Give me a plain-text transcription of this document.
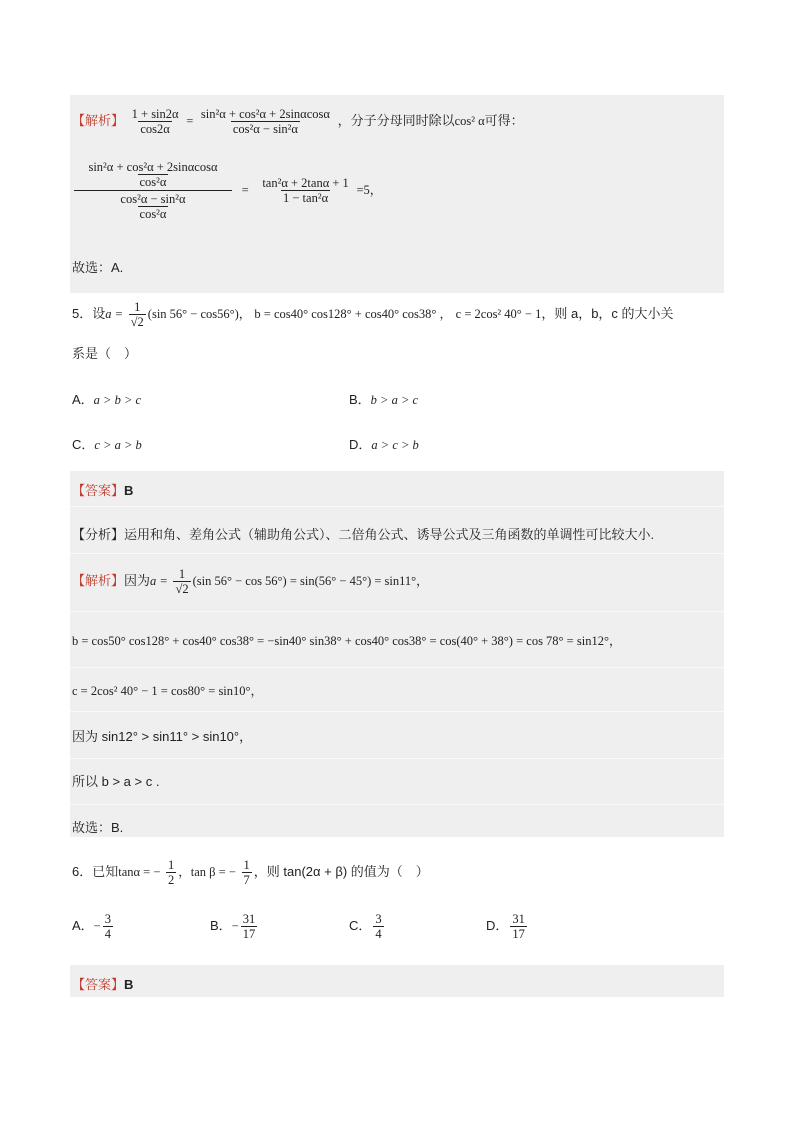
【解析】 $\frac{1 + \sin 2\alpha}{\cos 2\alpha} = \frac{\text{sin²α + cos²α + 2sinαcosα}}{\text{cos²α − sin²α}}$ ，分子分母同时除以cos² α可得：
$\frac{\frac{\text{sin²α + cos²α + 2sinαcosα}}{\text{cos²α}}}{\frac{\text{cos²α − sin²α}}{\text{cos²α}}} = \frac{\text{tan²α + 2tanα + 1}}{\text{1 − tan²α}} =5$，
故选：A.
5．设$a = \frac{1}{√2} (\sin$ 56° − cos56°)， b = cos40° cos128° + cos40° cos38° ， c = 2cos² 40° − 1，则 a，b，c 的大小关
系是（　）
A．a > b > c	B．b > a > c
C．c > a > b	D．a > c > b
【答案】B
【分析】运用和角、差角公式（辅助角公式）、二倍角公式、诱导公式及三角函数的单调性可比较大小.
【解析】因为$a = \frac{1}{√2} (\sin$ 56° − cos 56°) = sin(56° − 45°) = sin11°，
b = cos50° cos128° + cos40° cos38° = −sin40° sin38° + cos40° cos38° = cos(40° + 38°) = cos 78° = sin12°，
c = 2cos² 40° − 1 = cos80° = sin10°，
因为 sin12° > sin11° > sin10°，
所以 b > a > c .
故选：B.
6．已知tanα = − $\frac{1}{2}$ ，tan β = − $\frac{1}{7}$ ，则 tan(2α + β) 的值为（　）
A．− $\frac{3}{4}$	B．− $\frac{31}{17}$	C． $\frac{3}{4}$	D． $\frac{31}{17}$
【答案】B
